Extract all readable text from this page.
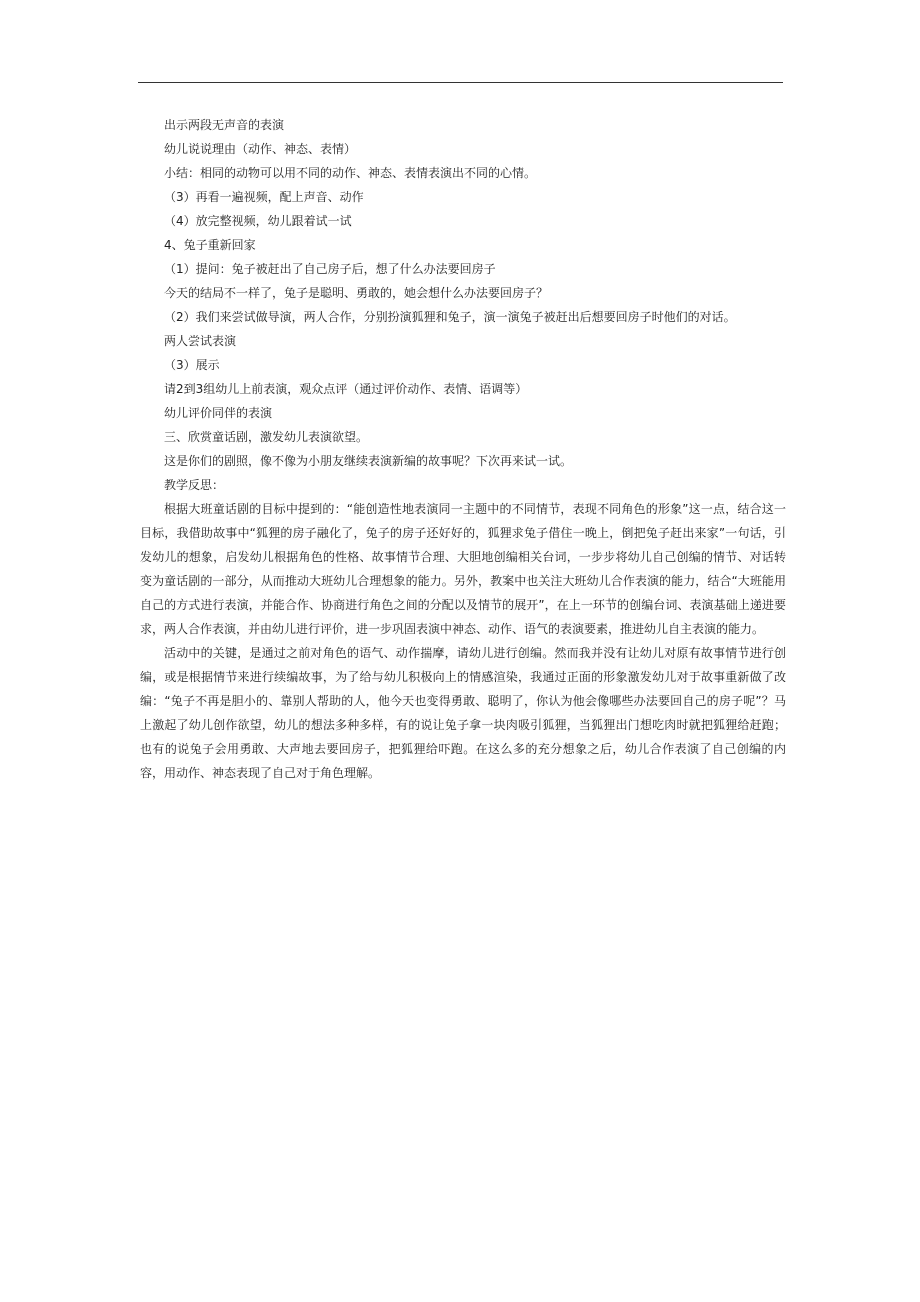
出示两段无声音的表演

幼儿说说理由（动作、神态、表情）

小结：相同的动物可以用不同的动作、神态、表情表演出不同的心情。

（3）再看一遍视频，配上声音、动作

（4）放完整视频，幼儿跟着试一试

4、兔子重新回家

（1）提问：兔子被赶出了自己房子后，想了什么办法要回房子

今天的结局不一样了，兔子是聪明、勇敢的，她会想什么办法要回房子？

（2）我们来尝试做导演，两人合作，分别扮演狐狸和兔子，演一演兔子被赶出后想要回房子时他们的对话。

两人尝试表演

（3）展示

请2到3组幼儿上前表演，观众点评（通过评价动作、表情、语调等）

幼儿评价同伴的表演

三、欣赏童话剧，激发幼儿表演欲望。

这是你们的剧照，像不像为小朋友继续表演新编的故事呢？下次再来试一试。

教学反思：

根据大班童话剧的目标中提到的：“能创造性地表演同一主题中的不同情节，表现不同角色的形象”这一点，结合这一目标，我借助故事中“狐狸的房子融化了，兔子的房子还好好的，狐狸求兔子借住一晚上，倒把兔子赶出来家”一句话，引发幼儿的想象，启发幼儿根据角色的性格、故事情节合理、大胆地创编相关台词，一步步将幼儿自己创编的情节、对话转变为童话剧的一部分，从而推动大班幼儿合理想象的能力。另外，教案中也关注大班幼儿合作表演的能力，结合“大班能用自己的方式进行表演，并能合作、协商进行角色之间的分配以及情节的展开”，在上一环节的创编台词、表演基础上递进要求，两人合作表演，并由幼儿进行评价，进一步巩固表演中神态、动作、语气的表演要素，推进幼儿自主表演的能力。

活动中的关键，是通过之前对角色的语气、动作揣摩，请幼儿进行创编。然而我并没有让幼儿对原有故事情节进行创编，或是根据情节来进行续编故事，为了给与幼儿积极向上的情感渲染，我通过正面的形象激发幼儿对于故事重新做了改编：“兔子不再是胆小的、靠别人帮助的人，他今天也变得勇敢、聪明了，你认为他会像哪些办法要回自己的房子呢”？马上激起了幼儿创作欲望，幼儿的想法多种多样，有的说让兔子拿一块肉吸引狐狸，当狐狸出门想吃肉时就把狐狸给赶跑；也有的说兔子会用勇敢、大声地去要回房子，把狐狸给吓跑。在这么多的充分想象之后，幼儿合作表演了自己创编的内容，用动作、神态表现了自己对于角色理解。
